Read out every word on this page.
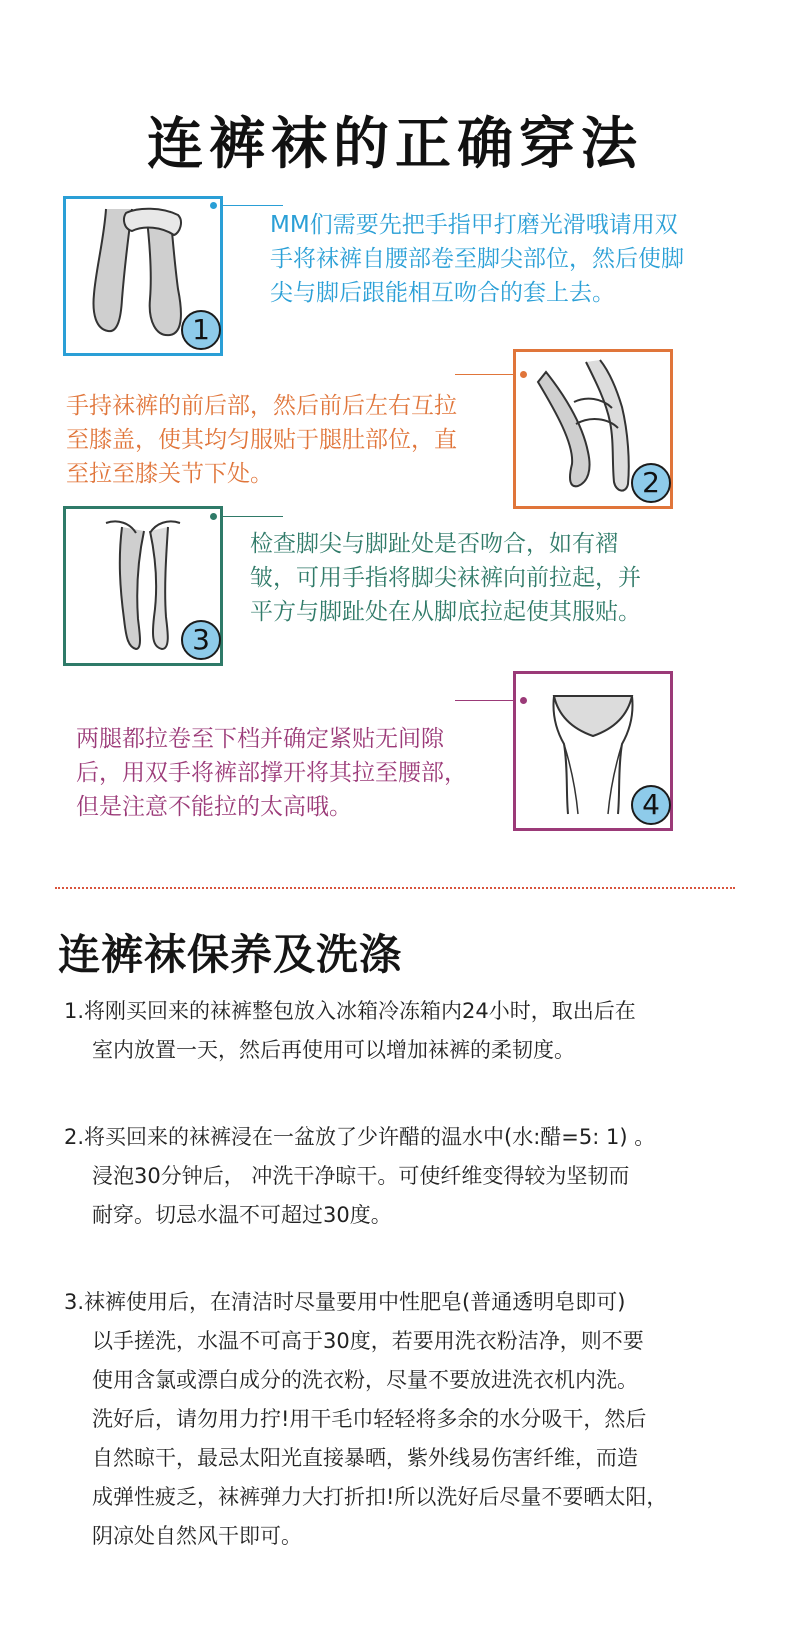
连裤袜的正确穿法
1
MM们需要先把手指甲打磨光滑哦请用双手将袜裤自腰部卷至脚尖部位，然后使脚尖与脚后跟能相互吻合的套上去。
2
手持袜裤的前后部，然后前后左右互拉至膝盖，使其均匀服贴于腿肚部位，直至拉至膝关节下处。
3
检查脚尖与脚趾处是否吻合，如有褶皱，可用手指将脚尖袜裤向前拉起，并平方与脚趾处在从脚底拉起使其服贴。
4
两腿都拉卷至下档并确定紧贴无间隙后，用双手将裤部撑开将其拉至腰部，但是注意不能拉的太高哦。
连裤袜保养及洗涤
1.将刚买回来的袜裤整包放入冰箱冷冻箱内24小时，取出后在
室内放置一天，然后再使用可以增加袜裤的柔韧度。
2.将买回来的袜裤浸在一盆放了少许醋的温水中(水:醋=5: 1) 。
浸泡30分钟后， 冲洗干净晾干。可使纤维变得较为坚韧而
耐穿。切忌水温不可超过30度。
3.袜裤使用后，在清洁时尽量要用中性肥皂(普通透明皂即可)
以手搓洗，水温不可高于30度，若要用洗衣粉洁净，则不要
使用含氯或漂白成分的洗衣粉，尽量不要放进洗衣机内洗。
洗好后，请勿用力拧!用干毛巾轻轻将多余的水分吸干，然后
自然晾干，最忌太阳光直接暴晒，紫外线易伤害纤维，而造
成弹性疲乏，袜裤弹力大打折扣!所以洗好后尽量不要晒太阳，
阴凉处自然风干即可。
